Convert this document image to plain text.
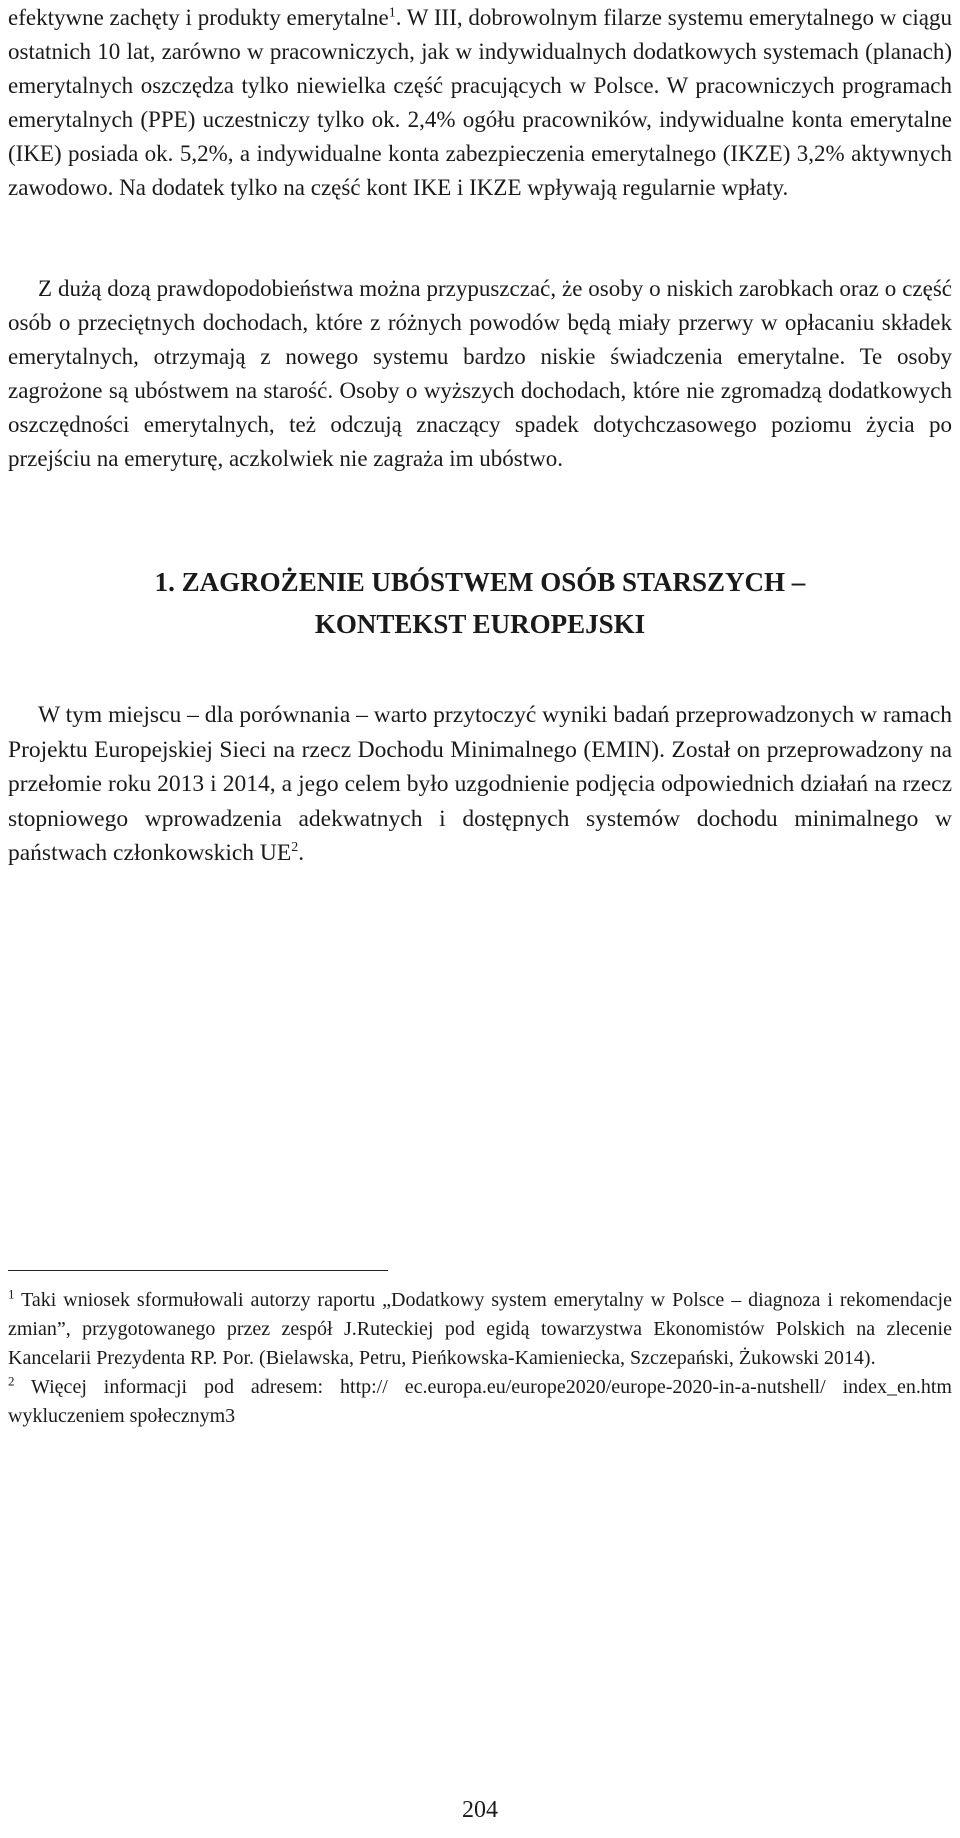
efektywne zachęty i produkty emerytalne$^1$. W III, dobrowolnym filarze systemu emerytalnego w ciągu ostatnich 10 lat, zarówno w pracowniczych, jak w indywidualnych dodatkowych systemach (planach) emerytalnych oszczędza tylko niewielka część pracujących w Polsce. W pracowniczych programach emerytalnych (PPE) uczestniczy tylko ok. 2,4% ogółu pracowników, indywidualne konta emerytalne (IKE) posiada ok. 5,2%, a indywidualne konta zabezpieczenia emerytalnego (IKZE) 3,2% aktywnych zawodowo. Na dodatek tylko na część kont IKE i IKZE wpływają regularnie wpłaty.

Z dużą dozą prawdopodobieństwa można przypuszczać, że osoby o niskich zarobkach oraz o część osób o przeciętnych dochodach, które z różnych powodów będą miały przerwy w opłacaniu składek emerytalnych, otrzymają z nowego systemu bardzo niskie świadczenia emerytalne. Te osoby zagrożone są ubóstwem na starość. Osoby o wyższych dochodach, które nie zgromadzą dodatkowych oszczędności emerytalnych, też odczują znaczący spadek dotychczasowego poziomu życia po przejściu na emeryturę, aczkolwiek nie zagraża im ubóstwo.

1. ZAGROŻENIE UBÓSTWEM OSÓB STARSZYCH –
KONTEKST EUROPEJSKI

W tym miejscu – dla porównania – warto przytoczyć wyniki badań przeprowadzonych w ramach Projektu Europejskiej Sieci na rzecz Dochodu Minimalnego (EMIN). Został on przeprowadzony na przełomie roku 2013 i 2014, a jego celem było uzgodnienie podjęcia odpowiednich działań na rzecz stopniowego wprowadzenia adekwatnych i dostępnych systemów dochodu minimalnego w państwach członkowskich $UE^2$.

$^1$ Taki wniosek sformułowali autorzy raportu „Dodatkowy system emerytalny w Polsce – diagnoza i rekomendacje zmian”, przygotowanego przez zespół J.Ruteckiej pod egidą towarzystwa Ekonomistów Polskich na zlecenie Kancelarii Prezydenta RP. Por. (Bielawska, Petru, Pieńkowska-Kamieniecka, Szczepański, Żukowski 2014).

$^2$ Więcej informacji pod adresem: http:// ec.europa.eu/europe2020/europe-2020-in-a-nutshell/ index_en.htm wykluczeniem społecznym3

204
